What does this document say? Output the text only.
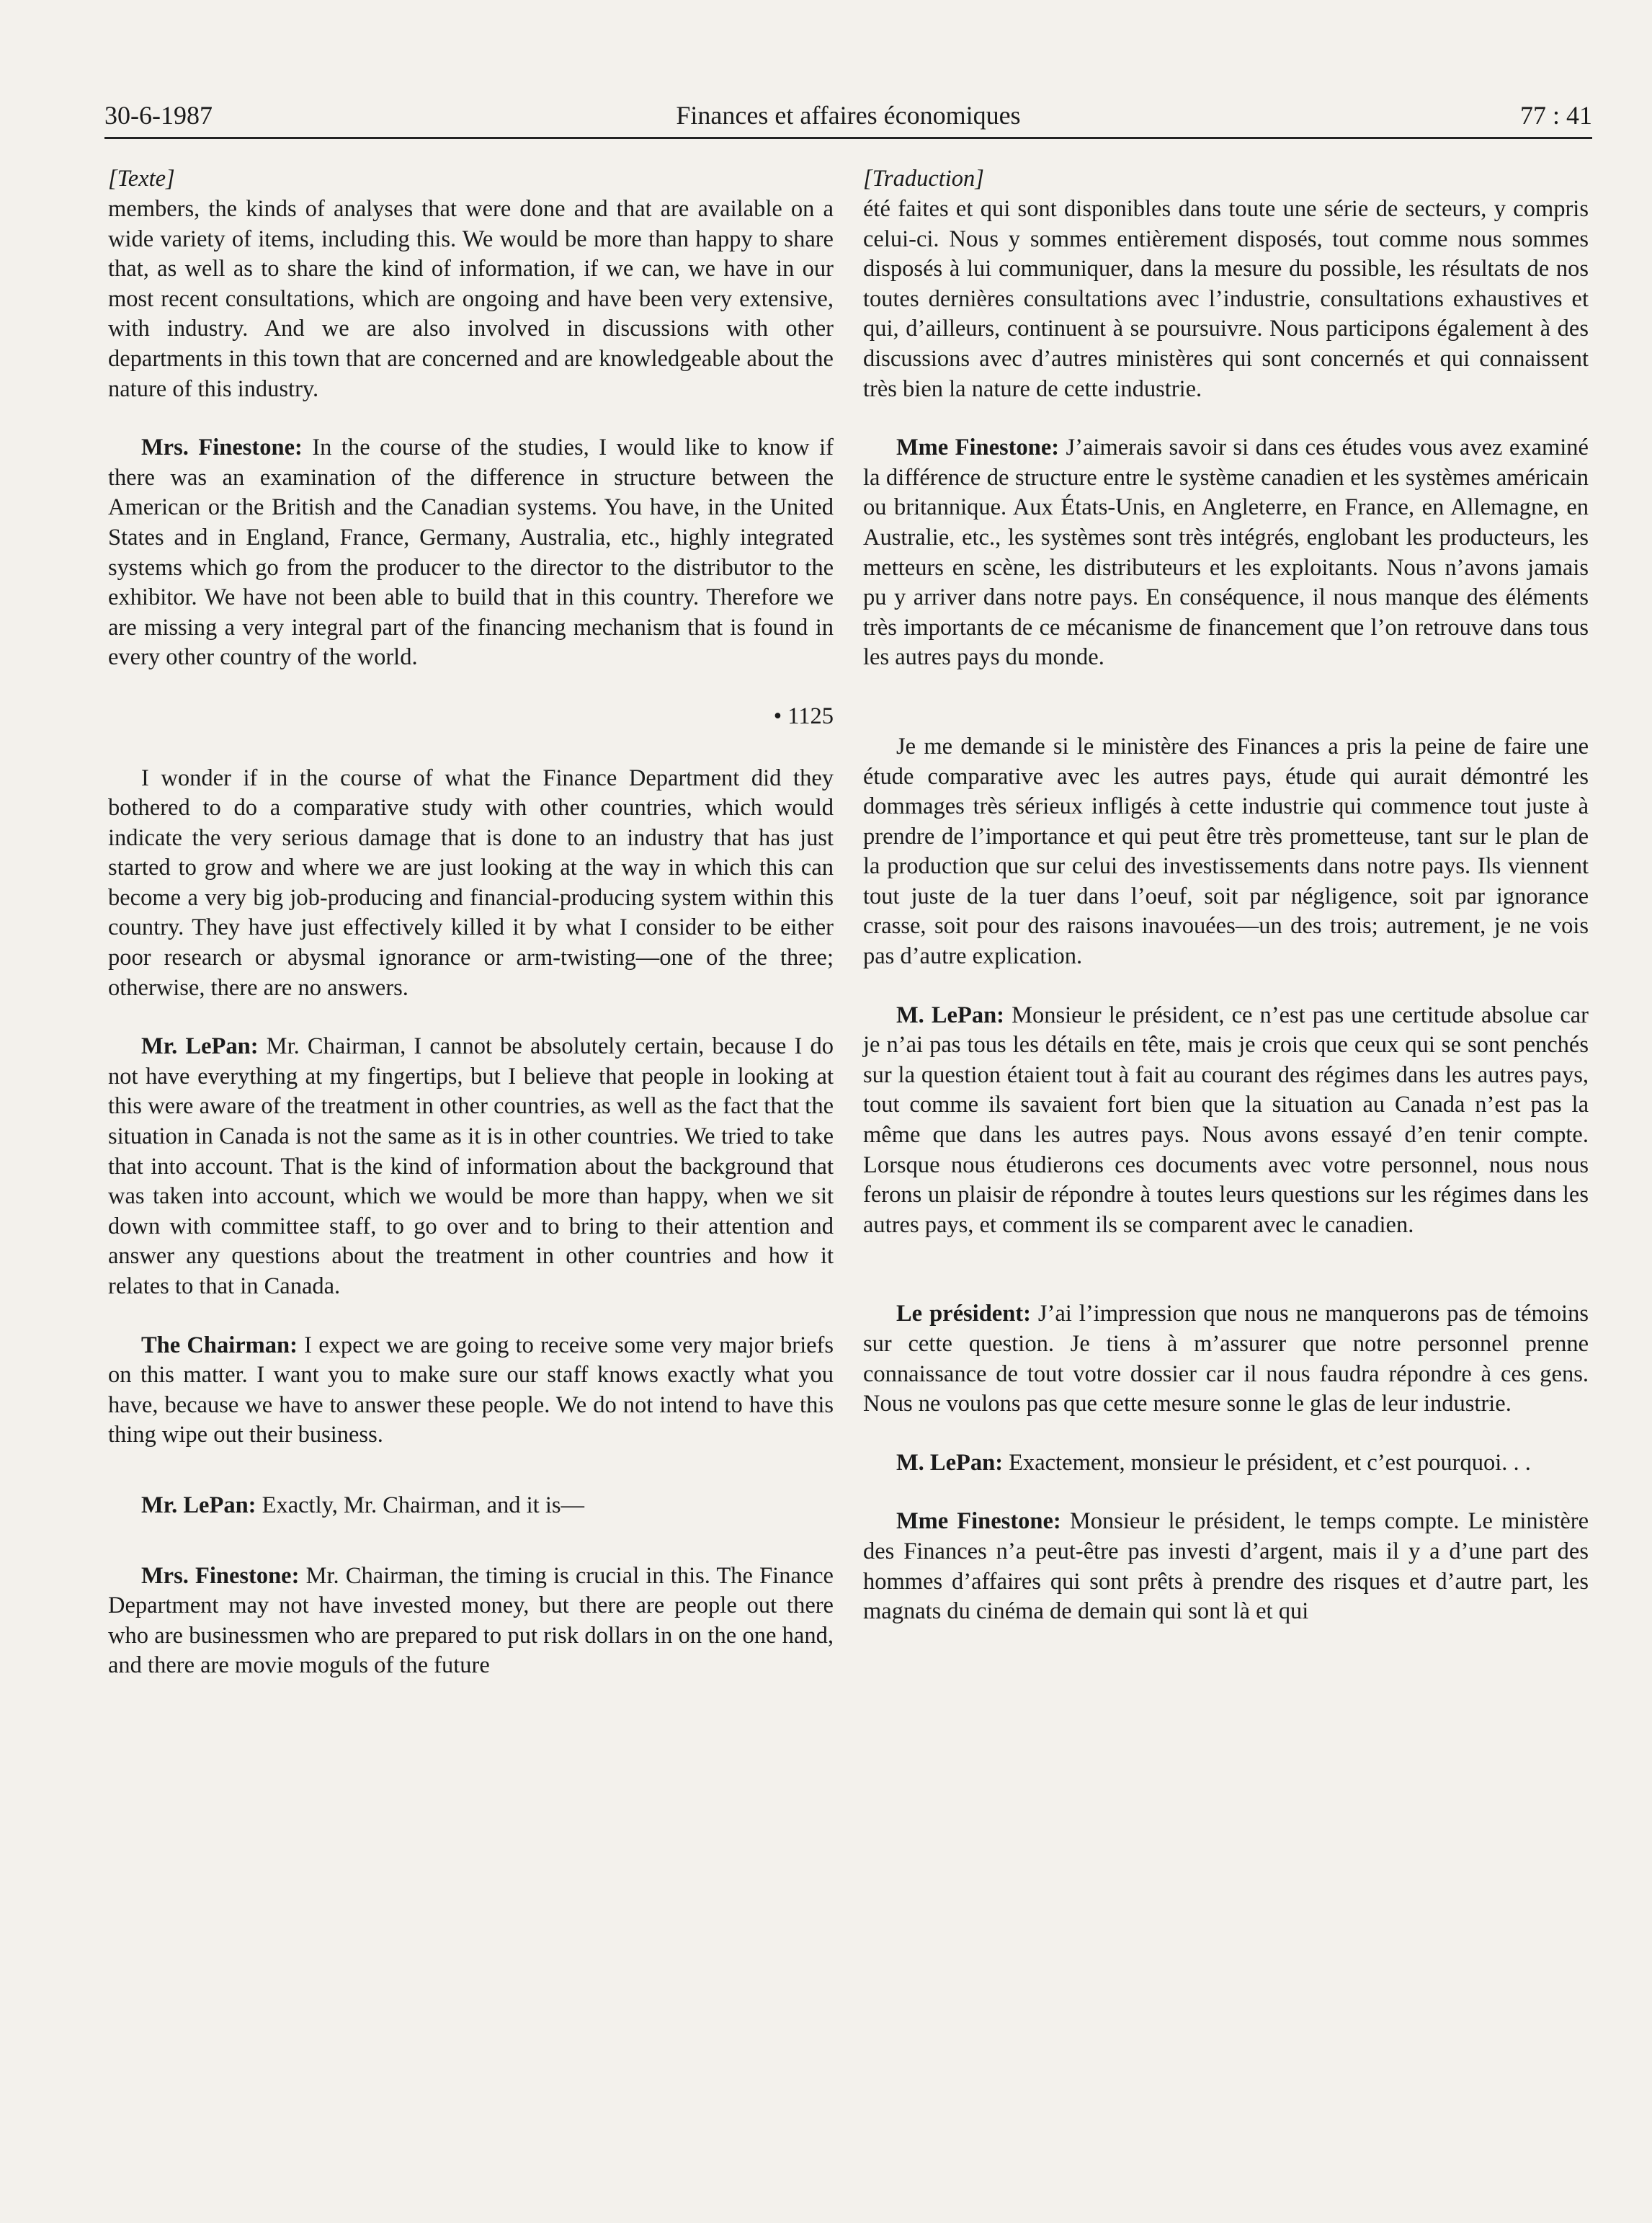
30-6-1987	Finances et affaires économiques	77 : 41
[Texte]

members, the kinds of analyses that were done and that are available on a wide variety of items, including this. We would be more than happy to share that, as well as to share the kind of information, if we can, we have in our most recent consultations, which are ongoing and have been very extensive, with industry. And we are also involved in discussions with other departments in this town that are concerned and are knowledgeable about the nature of this industry.

Mrs. Finestone: In the course of the studies, I would like to know if there was an examination of the difference in structure between the American or the British and the Canadian systems. You have, in the United States and in England, France, Germany, Australia, etc., highly integrated systems which go from the producer to the director to the distributor to the exhibitor. We have not been able to build that in this country. Therefore we are missing a very integral part of the financing mechanism that is found in every other country of the world.

• 1125

I wonder if in the course of what the Finance Department did they bothered to do a comparative study with other countries, which would indicate the very serious damage that is done to an industry that has just started to grow and where we are just looking at the way in which this can become a very big job-producing and financial-producing system within this country. They have just effectively killed it by what I consider to be either poor research or abysmal ignorance or arm-twisting—one of the three; otherwise, there are no answers.

Mr. LePan: Mr. Chairman, I cannot be absolutely certain, because I do not have everything at my fingertips, but I believe that people in looking at this were aware of the treatment in other countries, as well as the fact that the situation in Canada is not the same as it is in other countries. We tried to take that into account. That is the kind of information about the background that was taken into account, which we would be more than happy, when we sit down with committee staff, to go over and to bring to their attention and answer any questions about the treatment in other countries and how it relates to that in Canada.

The Chairman: I expect we are going to receive some very major briefs on this matter. I want you to make sure our staff knows exactly what you have, because we have to answer these people. We do not intend to have this thing wipe out their business.

Mr. LePan: Exactly, Mr. Chairman, and it is—

Mrs. Finestone: Mr. Chairman, the timing is crucial in this. The Finance Department may not have invested money, but there are people out there who are businessmen who are prepared to put risk dollars in on the one hand, and there are movie moguls of the future

[Traduction]

été faites et qui sont disponibles dans toute une série de secteurs, y compris celui-ci. Nous y sommes entièrement disposés, tout comme nous sommes disposés à lui communiquer, dans la mesure du possible, les résultats de nos toutes dernières consultations avec l’industrie, consultations exhaustives et qui, d’ailleurs, continuent à se poursuivre. Nous participons également à des discussions avec d’autres ministères qui sont concernés et qui connaissent très bien la nature de cette industrie.

Mme Finestone: J’aimerais savoir si dans ces études vous avez examiné la différence de structure entre le système canadien et les systèmes américain ou britannique. Aux États-Unis, en Angleterre, en France, en Allemagne, en Australie, etc., les systèmes sont très intégrés, englobant les producteurs, les metteurs en scène, les distributeurs et les exploitants. Nous n’avons jamais pu y arriver dans notre pays. En conséquence, il nous manque des éléments très importants de ce mécanisme de financement que l’on retrouve dans tous les autres pays du monde.

Je me demande si le ministère des Finances a pris la peine de faire une étude comparative avec les autres pays, étude qui aurait démontré les dommages très sérieux infligés à cette industrie qui commence tout juste à prendre de l’importance et qui peut être très prometteuse, tant sur le plan de la production que sur celui des investissements dans notre pays. Ils viennent tout juste de la tuer dans l’oeuf, soit par négligence, soit par ignorance crasse, soit pour des raisons inavouées—un des trois; autrement, je ne vois pas d’autre explication.

M. LePan: Monsieur le président, ce n’est pas une certitude absolue car je n’ai pas tous les détails en tête, mais je crois que ceux qui se sont penchés sur la question étaient tout à fait au courant des régimes dans les autres pays, tout comme ils savaient fort bien que la situation au Canada n’est pas la même que dans les autres pays. Nous avons essayé d’en tenir compte. Lorsque nous étudierons ces documents avec votre personnel, nous nous ferons un plaisir de répondre à toutes leurs questions sur les régimes dans les autres pays, et comment ils se comparent avec le canadien.

Le président: J’ai l’impression que nous ne manquerons pas de témoins sur cette question. Je tiens à m’assurer que notre personnel prenne connaissance de tout votre dossier car il nous faudra répondre à ces gens. Nous ne voulons pas que cette mesure sonne le glas de leur industrie.

M. LePan: Exactement, monsieur le président, et c’est pourquoi. . .

Mme Finestone: Monsieur le président, le temps compte. Le ministère des Finances n’a peut-être pas investi d’argent, mais il y a d’une part des hommes d’affaires qui sont prêts à prendre des risques et d’autre part, les magnats du cinéma de demain qui sont là et qui
